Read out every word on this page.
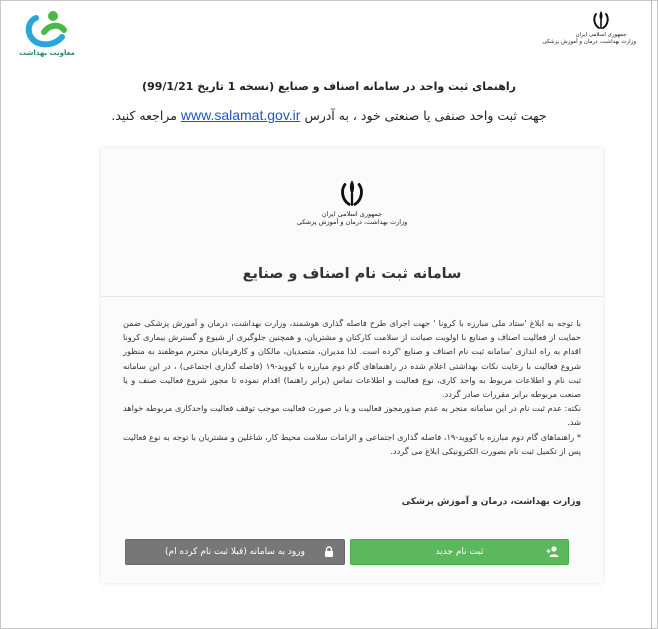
جمهوری اسلامی ایران
وزارت بهداشت، درمان و آموزش پزشکی
معاونت بهداشت
راهنمای ثبت واحد در سامانه اصناف و صنایع (نسخه 1 تاریخ 99/1/21)
جهت ثبت واحد صنفی یا صنعتی خود ، به آدرس www.salamat.gov.ir مراجعه کنید.
جمهوری اسلامی ایران
وزارت بهداشت، درمان و آموزش پزشکی
سامانه ثبت نام اصناف و صنایع

با توجه به ابلاغ 'ستاد ملی مبارزه با کرونا ' جهت اجرای طرح فاصله گذاری هوشمند، وزارت بهداشت، درمان و آموزش پزشکی ضمن حمایت از فعالیت اصناف و صنایع با اولویت صیانت از سلامت کارکنان و مشتریان، و همچنین جلوگیری از شیوع و گسترش بیماری کرونا اقدام به راه اندازی 'سامانه ثبت نام اصناف و صنایع 'کرده است. لذا مدیران، متصدیان، مالکان و کارفرمایان محترم موظفند به منظور شروع فعالیت با رعایت نکات بهداشتی اعلام شده در راهنماهای گام دوم مبارزه با کووید-۱۹ (فاصله گذاری اجتماعی) ، در این سامانه ثبت نام و اطلاعات مربوط به واحد کاری، نوع فعالیت و اطلاعات تماس (برابر راهنما) اقدام نموده تا مجوز شروع فعالیت صنف و یا صنعت مربوطه برابر مقررات صادر گردد.

نکته: عدم ثبت نام در این سامانه منجر به عدم صدورمجوز فعالیت و یا در صورت فعالیت موجب توقف فعالیت واحدکاری مربوطه خواهد شد.

* راهنماهای گام دوم مبارزه با کووید-۱۹، فاصله گذاری اجتماعی و الزامات سلامت محیط کار، شاغلین و مشتریان با توجه به نوع فعالیت پس از تکمیل ثبت نام بصورت الکترونیکی ابلاغ می گردد.

وزارت بهداشت، درمان و آموزش پزشکی
ثبت نام جدید
ورود به سامانه (قبلا ثبت نام کرده ام)
